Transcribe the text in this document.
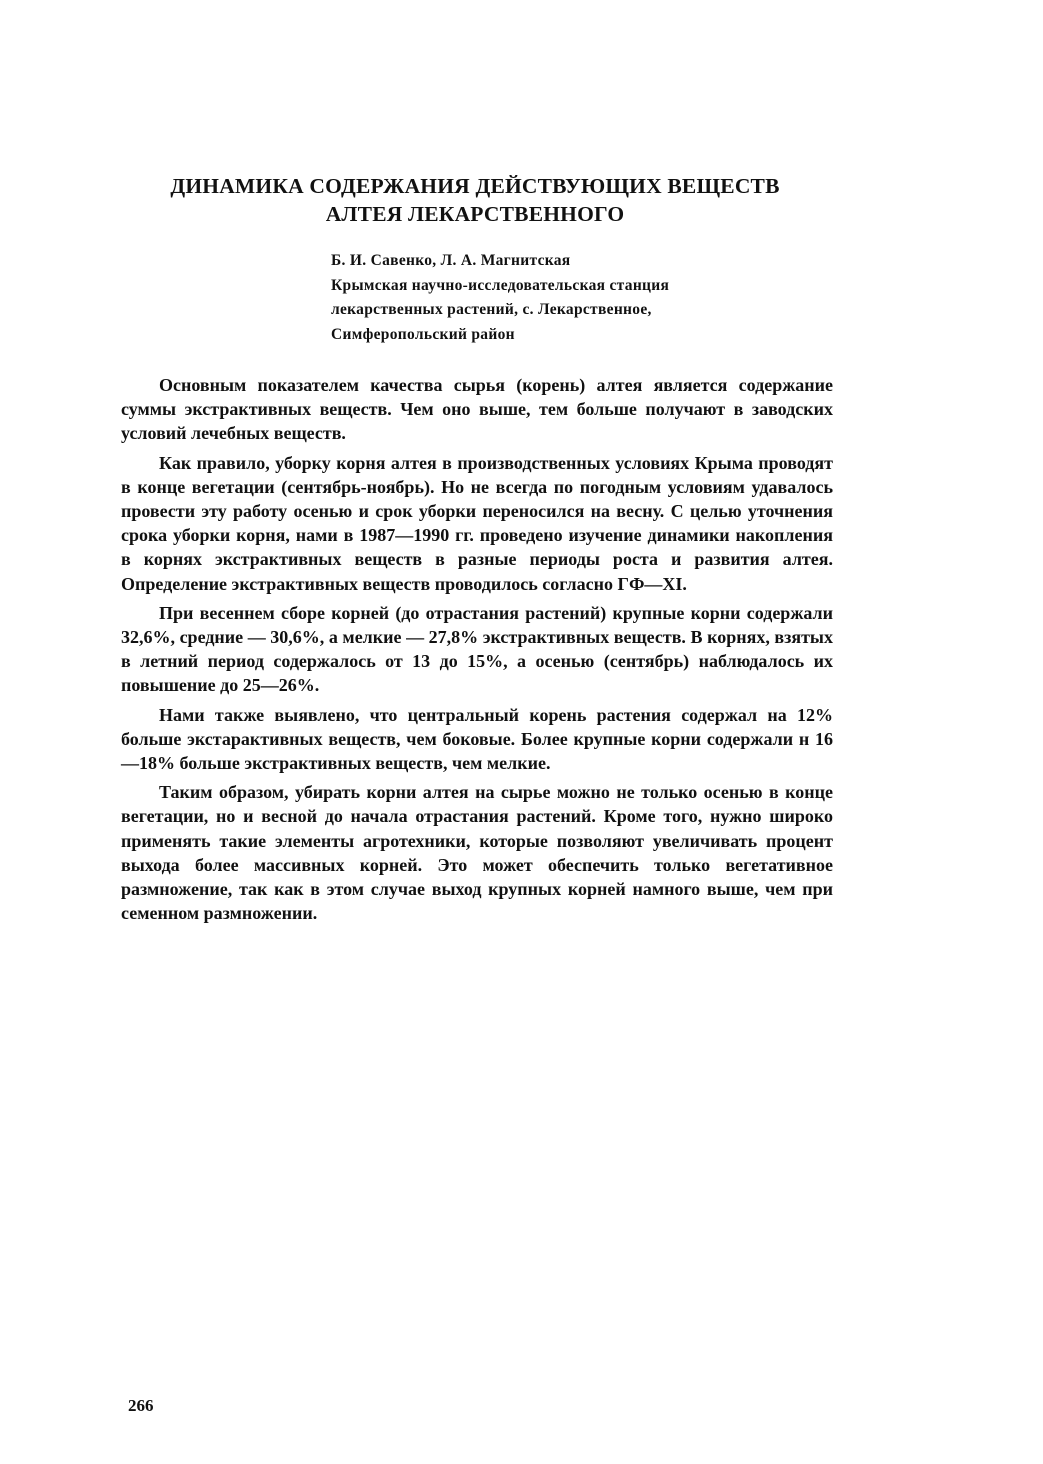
ДИНАМИКА СОДЕРЖАНИЯ ДЕЙСТВУЮЩИХ ВЕЩЕСТВ
АЛТЕЯ ЛЕКАРСТВЕННОГО
Б. И. Савенко, Л. А. Магнитская
Крымская научно-исследовательская станция
лекарственных растений, с. Лекарственное,
Симферопольский район

Основным показателем качества сырья (корень) алтея является содержание суммы экстрактивных веществ. Чем оно выше, тем больше получают в заводских условий лечебных веществ.

Как правило, уборку корня алтея в производственных условиях Крыма проводят в конце вегетации (сентябрь-ноябрь). Но не всегда по погодным условиям удавалось провести эту работу осенью и срок уборки переносился на весну. С целью уточнения срока уборки корня, нами в 1987—1990 гг. проведено изучение динамики накопления в корнях экстрактивных веществ в разные периоды роста и развития алтея. Определение экстрактивных веществ проводилось согласно ГФ—XI.

При весеннем сборе корней (до отрастания растений) крупные корни содержали 32,6%, средние — 30,6%, а мелкие — 27,8% экстрактивных веществ. В корнях, взятых в летний период содержалось от 13 до 15%, а осенью (сентябрь) наблюдалось их повышение до 25—26%.

Нами также выявлено, что центральный корень растения содержал на 12% больше экстарактивных веществ, чем боковые. Более крупные корни содержали н 16—18% больше экстрактивных веществ, чем мелкие.

Таким образом, убирать корни алтея на сырье можно не только осенью в конце вегетации, но и весной до начала отрастания растений. Кроме того, нужно широко применять такие элементы агротехники, которые позволяют увеличивать процент выхода более массивных корней. Это может обеспечить только вегетативное размножение, так как в этом случае выход крупных корней намного выше, чем при семенном размножении.

266
